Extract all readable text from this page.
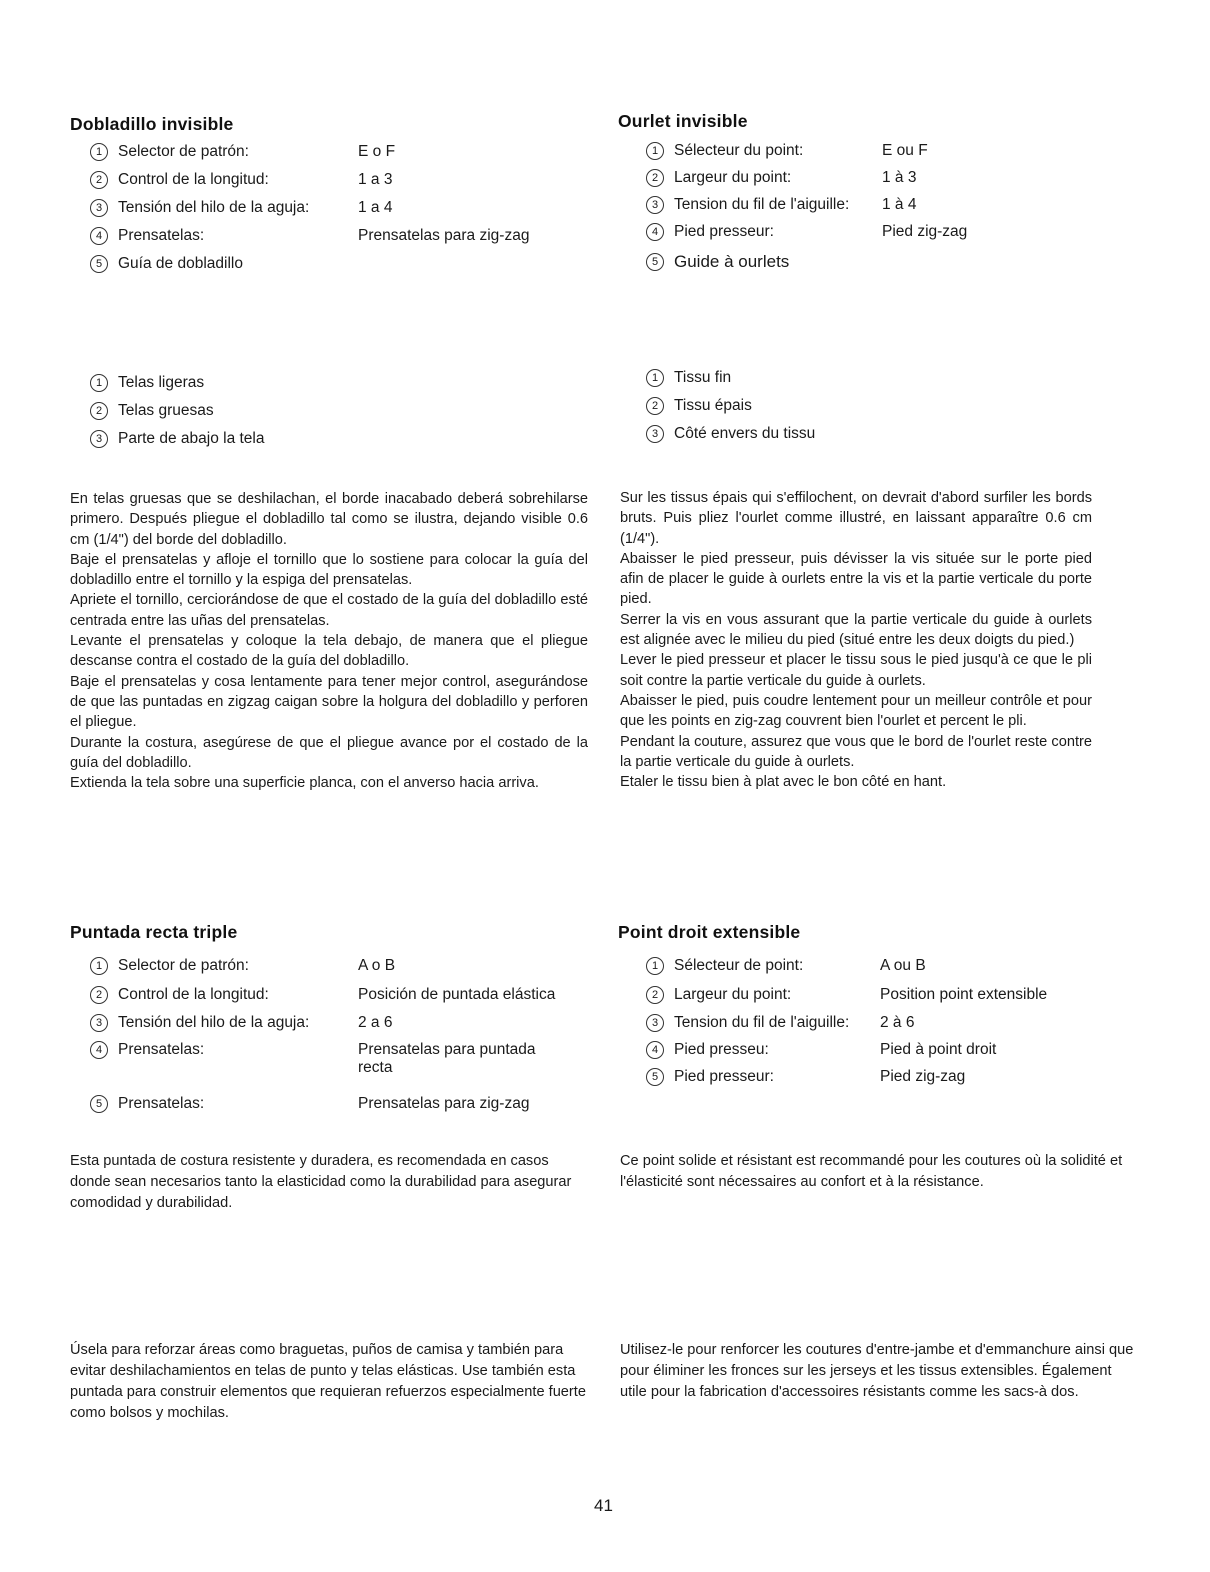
Dobladillo invisible
1	Selector de patrón:	E o F
2	Control de la longitud:	1 a 3
3	Tensión del hilo de la aguja:	1 a 4
4	Prensatelas:	Prensatelas para zig-zag
5	Guía de dobladillo
1	Telas ligeras
2	Telas gruesas
3	Parte de abajo la tela

En telas gruesas que se deshilachan, el borde inacabado deberá sobrehilarse primero. Después pliegue el dobladillo tal como se ilustra, dejando visible 0.6 cm (1/4") del borde del dobladillo.

Baje el prensatelas y afloje el tornillo que lo sostiene para colocar la guía del dobladillo entre el tornillo y la espiga del prensatelas.

Apriete el tornillo, cerciorándose de que el costado de la guía del dobladillo esté centrada entre las uñas del prensatelas.

Levante el prensatelas y coloque la tela debajo, de manera que el pliegue descanse contra el costado de la guía del dobladillo.

Baje el prensatelas y cosa lentamente para tener mejor control, asegurándose de que las puntadas en zigzag caigan sobre la holgura del dobladillo y perforen el pliegue.

Durante la costura, asegúrese de que el pliegue avance por el costado de la guía del dobladillo.

Extienda la tela sobre una superficie planca, con el anverso hacia arriva.

Ourlet invisible
1	Sélecteur du point:	E ou F
2	Largeur du point:	1 à 3
3	Tension du fil de l'aiguille: 1 à 4
4	Pied presseur:	Pied zig-zag
5 Guide à ourlets
1	Tissu fin
2	Tissu épais
3	Côté envers du tissu

Sur les tissus épais qui s'effilochent, on devrait d'abord surfiler les bords bruts. Puis pliez l'ourlet comme illustré, en laissant apparaître 0.6 cm (1/4").

Abaisser le pied presseur, puis dévisser la vis située sur le porte pied afin de placer le guide à ourlets entre la vis et la partie verticale du porte pied.

Serrer la vis en vous assurant que la partie verticale du guide à ourlets est alignée avec le milieu du pied (situé entre les deux doigts du pied.)

Lever le pied presseur et placer le tissu sous le pied jusqu'à ce que le pli soit contre la partie verticale du guide à ourlets.

Abaisser le pied, puis coudre lentement pour un meilleur contrôle et pour que les points en zig-zag couvrent bien l'ourlet et percent le pli.

Pendant la couture, assurez que vous que le bord de l'ourlet reste contre la partie verticale du guide à ourlets.

Etaler le tissu bien à plat avec le bon côté en hant.

Puntada recta triple
1	Selector de patrón:	A o B
2	Control de la longitud:	Posición de puntada elástica
3	Tensión del hilo de la aguja:	2 a 6
4	Prensatelas:	Prensatelas para puntada
recta
5	Prensatelas:	Prensatelas para zig-zag
Esta puntada de costura resistente y duradera, es recomendada en casos donde sean necesarios tanto la elasticidad como la durabilidad para asegurar comodidad y durabilidad.
Úsela para reforzar áreas como braguetas, puños de camisa y también para evitar deshilachamientos en telas de punto y telas elásticas. Use también esta puntada para construir elementos que requieran refuerzos especialmente fuerte como bolsos y mochilas.
Point droit extensible
1	Sélecteur de point:	A ou B
2	Largeur du point:	Position point extensible
3	Tension du fil de l'aiguille: 2 à 6
4	Pied presseu:	Pied à point droit
5	Pied presseur:	Pied zig-zag
Ce point solide et résistant est recommandé pour les coutures où la solidité et l'élasticité sont nécessaires au confort et à la résistance.
Utilisez-le pour renforcer les coutures d'entre-jambe et d'emmanchure ainsi que pour éliminer les fronces sur les jerseys et les tissus extensibles. Également utile pour la fabrication d'accessoires résistants comme les sacs-à dos.
41
